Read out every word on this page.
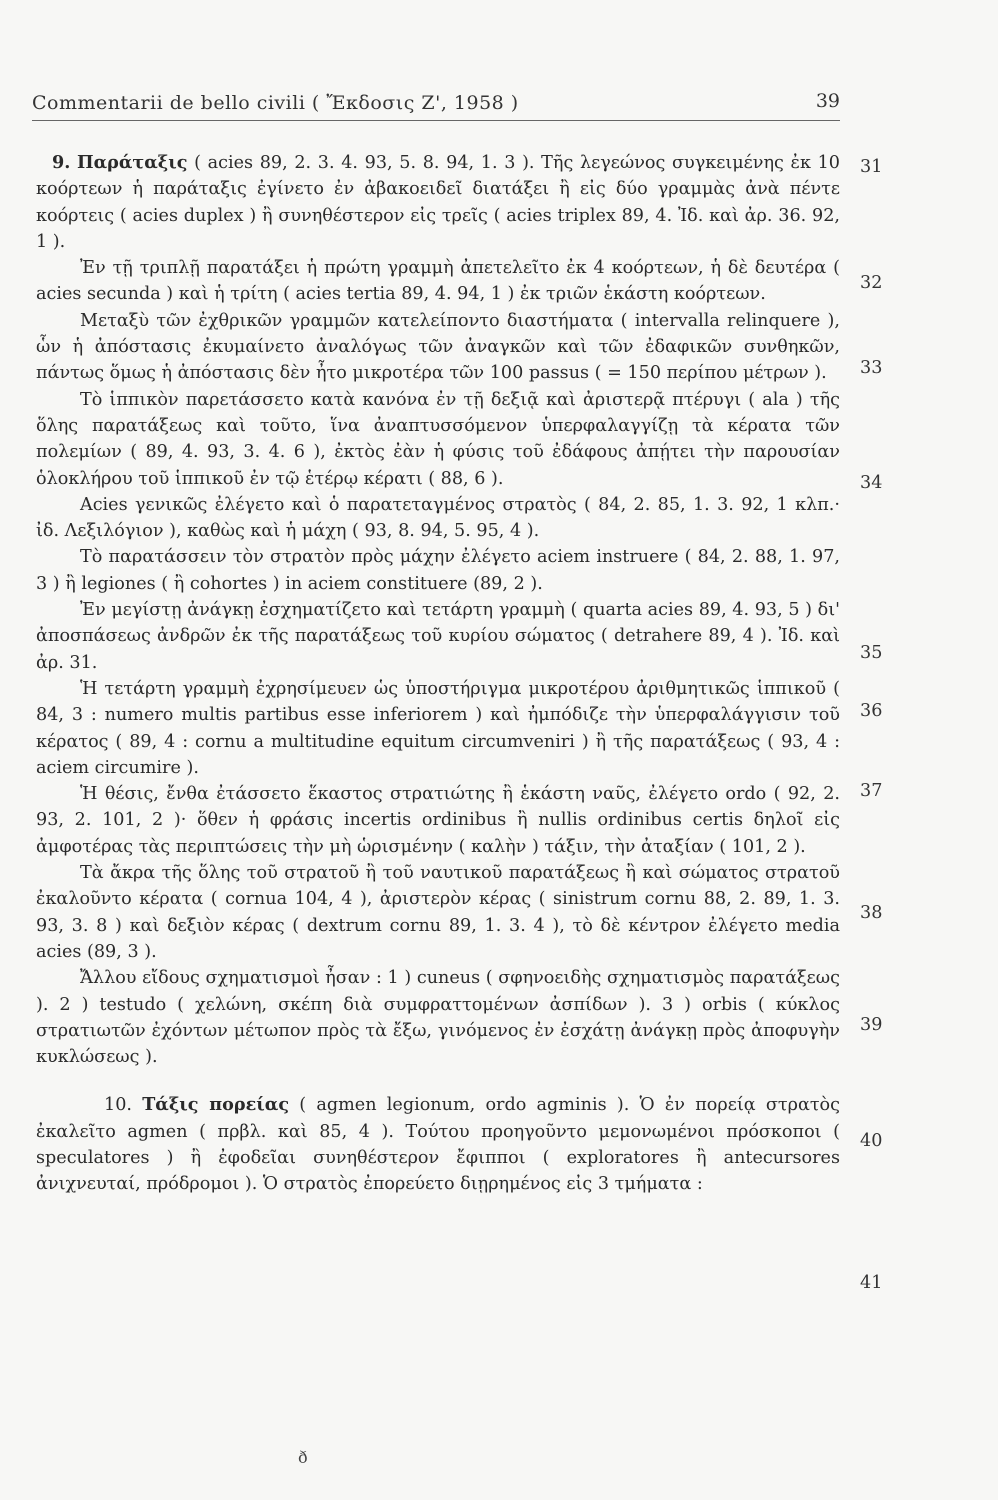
Commentarii de bello civili ( Ἔκδοσις Ζ', 1958 )	39

9. Παράταξις ( acies 89, 2. 3. 4. 93, 5. 8. 94, 1. 3 ). Τῆς λεγεώνος συγκειμένης ἐκ 10 κοόρτεων ἡ παράταξις ἐγίνετο ἐν ἀβακοειδεῖ διατάξει ἢ εἰς δύο γραμμὰς ἀνὰ πέντε κοόρτεις ( acies duplex ) ἢ συνηθέστερον εἰς τρεῖς ( acies triplex 89, 4. Ἰδ. καὶ ἀρ. 36. 92, 1 ).

Ἐν τῇ τριπλῇ παρατάξει ἡ πρώτη γραμμὴ ἀπετελεῖτο ἐκ 4 κοόρτεων, ἡ δὲ δευτέρα ( acies secunda ) καὶ ἡ τρίτη ( acies tertia 89, 4. 94, 1 ) ἐκ τριῶν ἑκάστη κοόρτεων.

Μεταξὺ τῶν ἐχθρικῶν γραμμῶν κατελείποντο διαστήματα ( intervalla relinquere ), ὧν ἡ ἀπόστασις ἐκυμαίνετο ἀναλόγως τῶν ἀναγκῶν καὶ τῶν ἐδαφικῶν συνθηκῶν, πάντως ὅμως ἡ ἀπόστασις δὲν ἦτο μικροτέρα τῶν 100 passus ( = 150 περίπου μέτρων ).

Τὸ ἱππικὸν παρετάσσετο κατὰ κανόνα ἐν τῇ δεξιᾷ καὶ ἀριστερᾷ πτέρυγι ( ala ) τῆς ὅλης παρατάξεως καὶ τοῦτο, ἵνα ἀναπτυσσόμενον ὑπερφαλαγγίζῃ τὰ κέρατα τῶν πολεμίων ( 89, 4. 93, 3. 4. 6 ), ἐκτὸς ἐὰν ἡ φύσις τοῦ ἐδάφους ἀπῄτει τὴν παρουσίαν ὁλοκλήρου τοῦ ἱππικοῦ ἐν τῷ ἑτέρῳ κέρατι ( 88, 6 ).

Acies γενικῶς ἐλέγετο καὶ ὁ παρατεταγμένος στρατὸς ( 84, 2. 85, 1. 3. 92, 1 κλπ.· ἰδ. Λεξιλόγιον ), καθὼς καὶ ἡ μάχη ( 93, 8. 94, 5. 95, 4 ).

Τὸ παρατάσσειν τὸν στρατὸν πρὸς μάχην ἐλέγετο aciem instruere ( 84, 2. 88, 1. 97, 3 ) ἢ legiones ( ἢ cohortes ) in aciem constituere (89, 2 ).

Ἐν μεγίστῃ ἀνάγκῃ ἐσχηματίζετο καὶ τετάρτη γραμμὴ ( quarta acies 89, 4. 93, 5 ) δι' ἀποσπάσεως ἀνδρῶν ἐκ τῆς παρατάξεως τοῦ κυρίου σώματος ( detrahere 89, 4 ). Ἰδ. καὶ ἀρ. 31.

Ἡ τετάρτη γραμμὴ ἐχρησίμευεν ὡς ὑποστήριγμα μικροτέρου ἀριθμητικῶς ἱππικοῦ ( 84, 3 : numero multis partibus esse inferiorem ) καὶ ἠμπόδιζε τὴν ὑπερφαλάγγισιν τοῦ κέρατος ( 89, 4 : cornu a multitudine equitum circumveniri ) ἢ τῆς παρατάξεως ( 93, 4 : aciem circumire ).

Ἡ θέσις, ἔνθα ἐτάσσετο ἕκαστος στρατιώτης ἢ ἑκάστη ναῦς, ἐλέγετο ordo ( 92, 2. 93, 2. 101, 2 )· ὅθεν ἡ φράσις incertis ordinibus ἢ nullis ordinibus certis δηλοῖ εἰς ἀμφοτέρας τὰς περιπτώσεις τὴν μὴ ὡρισμένην ( καλὴν ) τάξιν, τὴν ἀταξίαν ( 101, 2 ).

Τὰ ἄκρα τῆς ὅλης τοῦ στρατοῦ ἢ τοῦ ναυτικοῦ παρατάξεως ἢ καὶ σώματος στρατοῦ ἐκαλοῦντο κέρατα ( cornua 104, 4 ), ἀριστερὸν κέρας ( sinistrum cornu 88, 2. 89, 1. 3. 93, 3. 8 ) καὶ δεξιὸν κέρας ( dextrum cornu 89, 1. 3. 4 ), τὸ δὲ κέντρον ἐλέγετο media acies (89, 3 ).

Ἄλλου εἴδους σχηματισμοὶ ἦσαν : 1 ) cuneus ( σφηνοειδὴς σχηματισμὸς παρατάξεως ). 2 ) testudo ( χελώνη, σκέπη διὰ συμφραττομένων ἀσπίδων ). 3 ) orbis ( κύκλος στρατιωτῶν ἐχόντων μέτωπον πρὸς τὰ ἔξω, γινόμενος ἐν ἐσχάτῃ ἀνάγκῃ πρὸς ἀποφυγὴν κυκλώσεως ).

10. Τάξις πορείας ( agmen legionum, ordo agminis ). Ὁ ἐν πορείᾳ στρατὸς ἐκαλεῖτο agmen ( πρβλ. καὶ 85, 4 ). Τούτου προηγοῦντο μεμονωμένοι πρόσκοποι ( speculatores ) ἢ ἐφοδεῖαι συνηθέστερον ἔφιπποι ( exploratores ἢ antecursores ἀνιχνευταί, πρόδρομοι ). Ὁ στρατὸς ἐπορεύετο διῃρημένος εἰς 3 τμήματα :

31
32
33
34
35
36
37
38
39
40
41
ð
